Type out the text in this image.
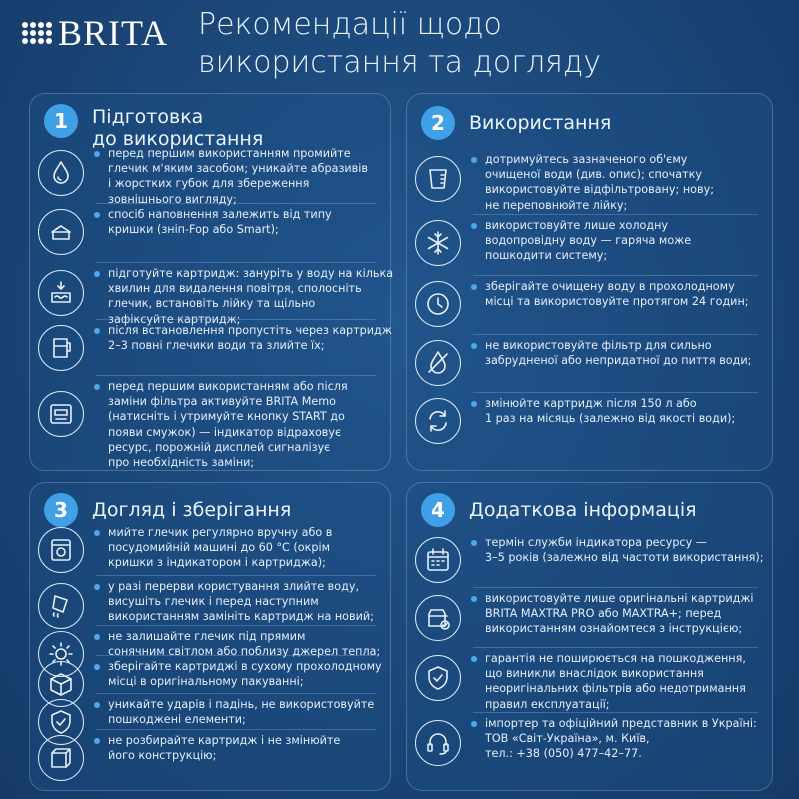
BRITA Рекомендації щодо
використання та догляду
1	Підготовка
до використання
перед першим використанням промийте
глечик м'яким засобом; уникайте абразивів
і жорстких губок для збереження
зовнішнього вигляду;
спосіб наповнення залежить від типу
кришки (зніп-Fop або Smart);
підготуйте картридж: зануріть у воду на кілька
хвилин для видалення повітря, сполосніть
глечик, встановіть лійку та щільно
зафіксуйте картридж;
після встановлення пропустіть через картридж
2–3 повні глечики води та злийте їх;
перед першим використанням або після
заміни фільтра активуйте BRITA Memo
(натисніть і утримуйте кнопку START до
появи смужок) — індикатор відраховує
ресурс, порожній дисплей сигналізує
про необхідність заміни;
2	Використання
дотримуйтесь зазначеного об'єму
очищеної води (див. опис); спочатку
використовуйте відфільтровану; нову;
не переповнюйте лійку;
використовуйте лише холодну
водопровідну воду — гаряча може
пошкодити систему;
зберігайте очищену воду в прохолодному
місці та використовуйте протягом 24 годин;
не використовуйте фільтр для сильно
забрудненої або непридатної до пиття води;
змінюйте картридж після 150 л або
1 раз на місяць (залежно від якості води);
3	Догляд і зберігання
мийте глечик регулярно вручну або в
посудомийній машині до 60 °C (окрім
кришки з індикатором і картриджа);
у разі перерви користування злийте воду,
висушіть глечик і перед наступним
використанням замініть картридж на новий;
не залишайте глечик під прямим
сонячним світлом або поблизу джерел тепла;
зберігайте картриджі в сухому прохолодному
місці в оригінальному пакуванні;
уникайте ударів і падінь, не використовуйте
пошкоджені елементи;
не розбирайте картридж і не змінюйте
його конструкцію;
4	Додаткова інформація
термін служби індикатора ресурсу —
3–5 років (залежно від частоти використання);
використовуйте лише оригінальні картриджі
BRITA MAXTRA PRO або MAXTRA+; перед
використанням ознайомтеся з інструкцією;
гарантія не поширюється на пошкодження,
що виникли внаслідок використання
неоригінальних фільтрів або недотримання
правил експлуатації;
імпортер та офіційний представник в Україні:
ТОВ «Світ-Україна», м. Київ,
тел.: +38 (050) 477–42–77.
